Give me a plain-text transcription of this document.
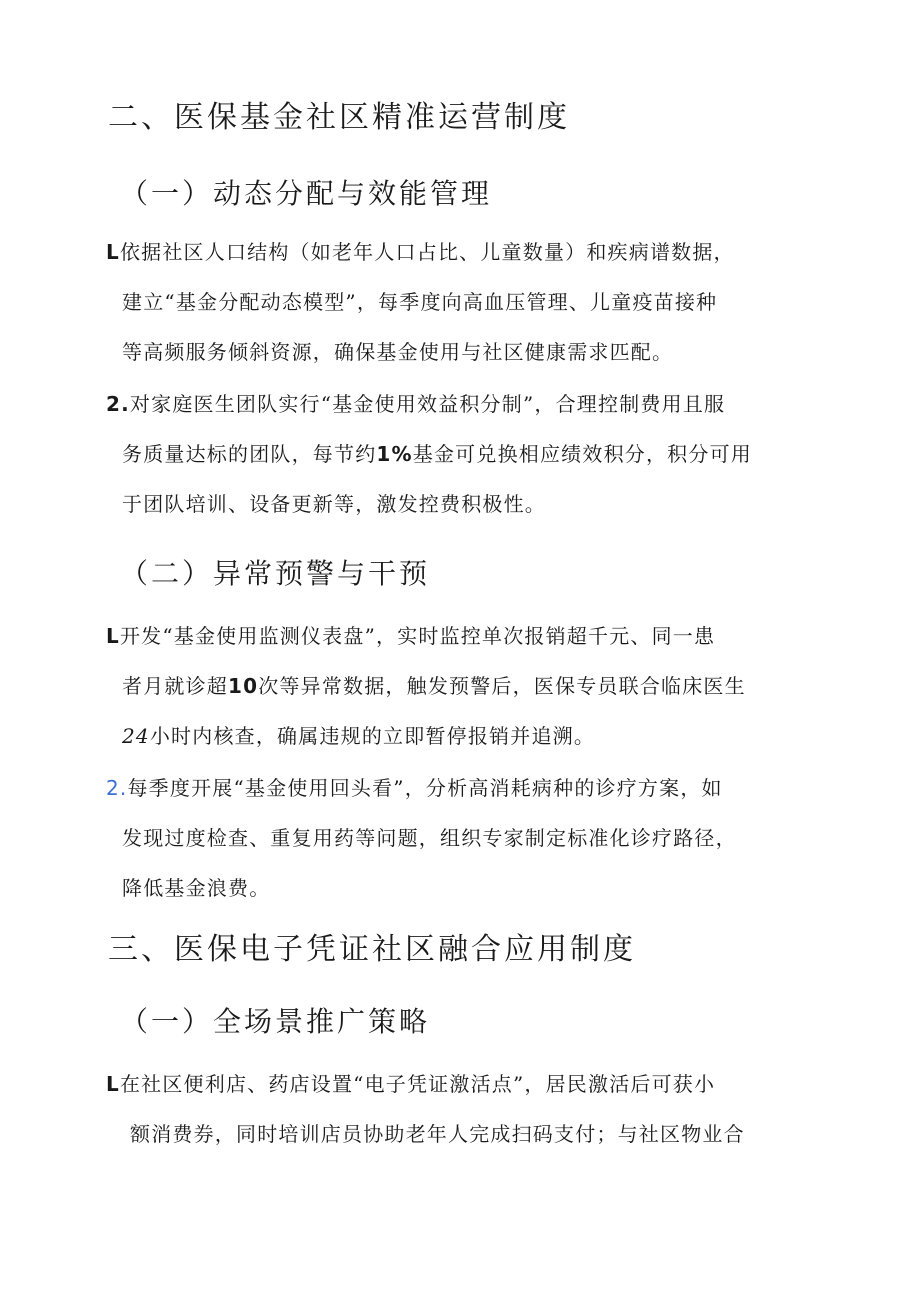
二、医保基金社区精准运营制度
（一）动态分配与效能管理
L依据社区人口结构（如老年人口占比、儿童数量）和疾病谱数据，
建立“基金分配动态模型”，每季度向高血压管理、儿童疫苗接种
等高频服务倾斜资源，确保基金使用与社区健康需求匹配。
2.对家庭医生团队实行“基金使用效益积分制”，合理控制费用且服
务质量达标的团队，每节约1%基金可兑换相应绩效积分，积分可用
于团队培训、设备更新等，激发控费积极性。
（二）异常预警与干预
L开发“基金使用监测仪表盘”，实时监控单次报销超千元、同一患
者月就诊超10次等异常数据，触发预警后，医保专员联合临床医生
24小时内核查，确属违规的立即暂停报销并追溯。
2.每季度开展“基金使用回头看”，分析高消耗病种的诊疗方案，如
发现过度检查、重复用药等问题，组织专家制定标准化诊疗路径，
降低基金浪费。
三、医保电子凭证社区融合应用制度
（一）全场景推广策略
L在社区便利店、药店设置“电子凭证激活点”，居民激活后可获小
额消费券，同时培训店员协助老年人完成扫码支付；与社区物业合
